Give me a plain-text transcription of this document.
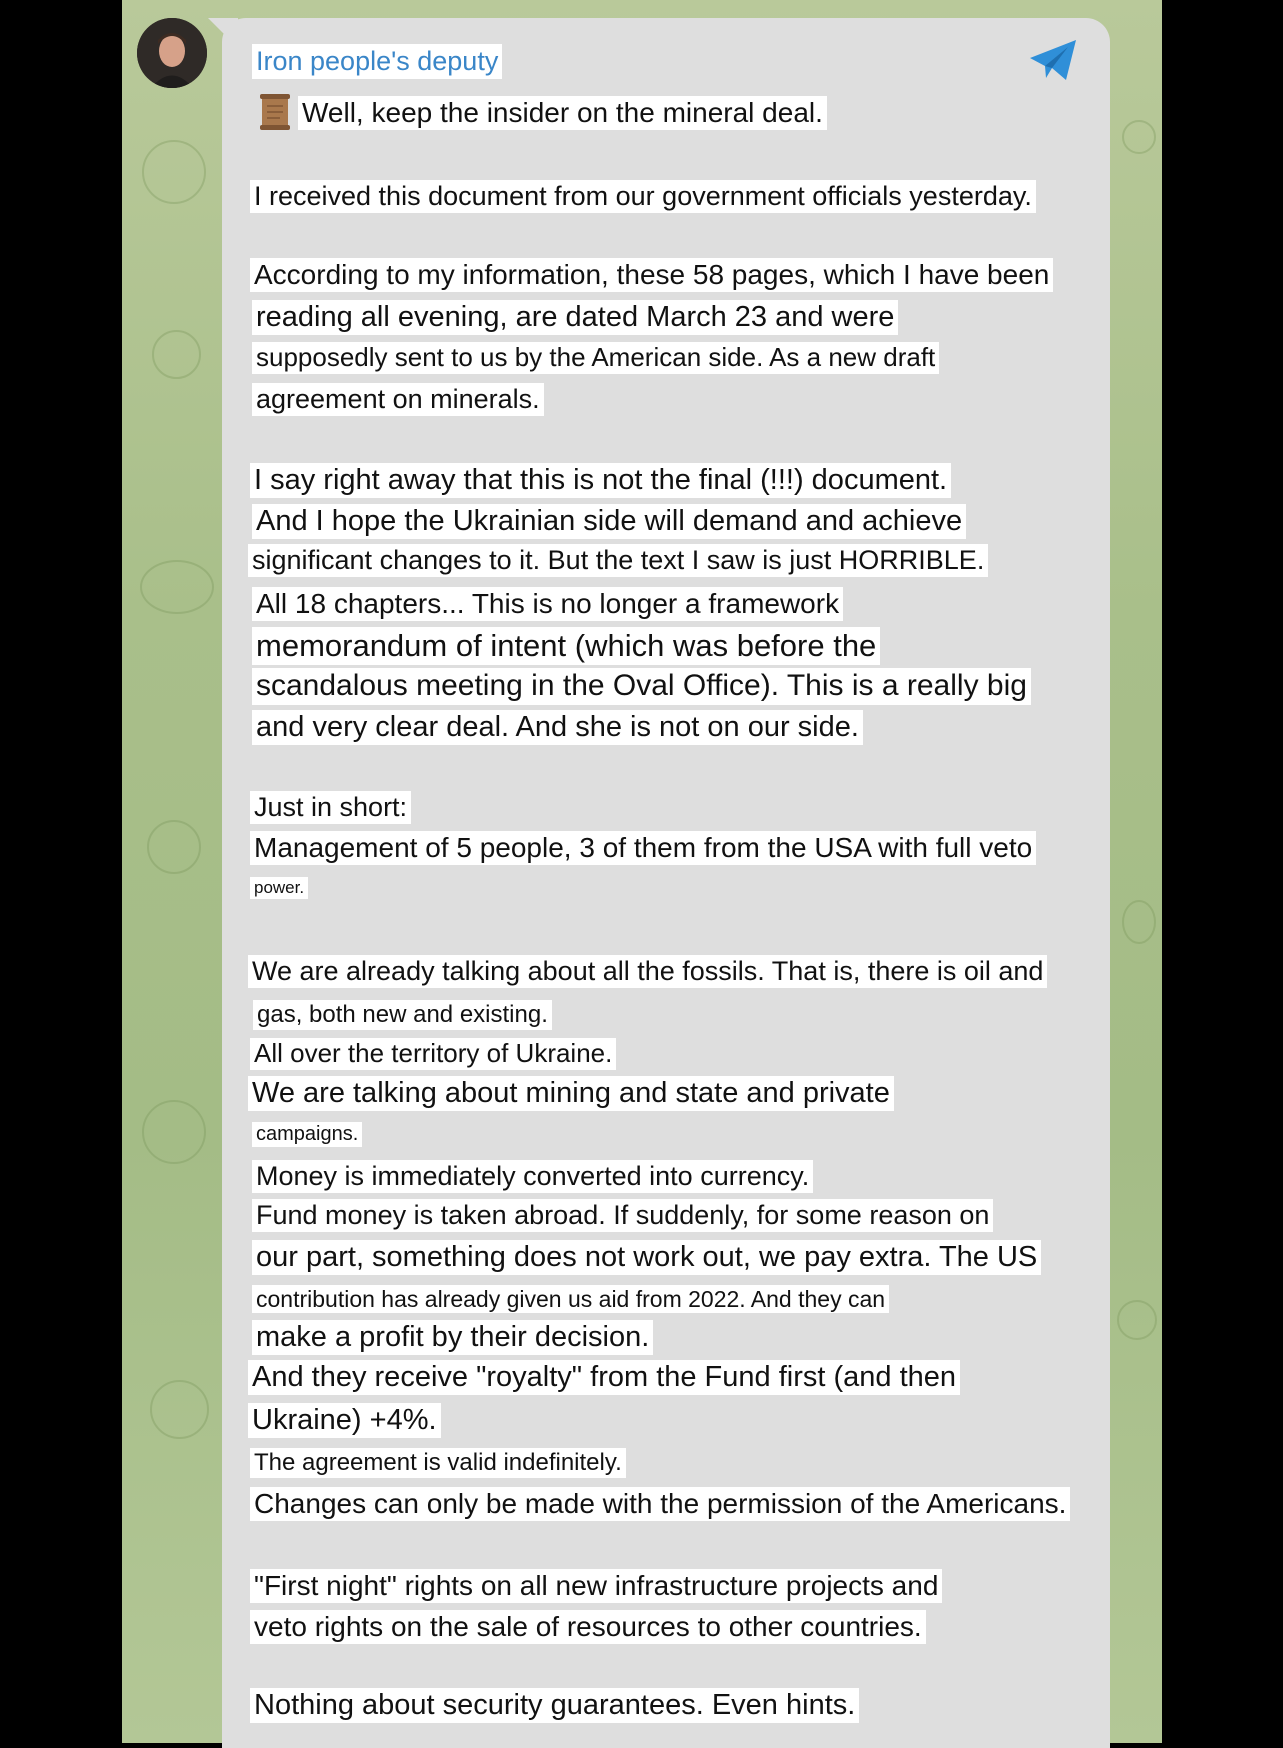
Iron people's deputy
Well, keep the insider on the mineral deal.
I received this document from our government officials yesterday.
According to my information, these 58 pages, which I have been
reading all evening, are dated March 23 and were
supposedly sent to us by the American side. As a new draft
agreement on minerals.
I say right away that this is not the final (!!!) document.
And I hope the Ukrainian side will demand and achieve
significant changes to it. But the text I saw is just HORRIBLE.
All 18 chapters... This is no longer a framework
memorandum of intent (which was before the
scandalous meeting in the Oval Office). This is a really big
and very clear deal. And she is not on our side.
Just in short:
Management of 5 people, 3 of them from the USA with full veto
power.
We are already talking about all the fossils. That is, there is oil and
gas, both new and existing.
All over the territory of Ukraine.
We are talking about mining and state and private
campaigns.
Money is immediately converted into currency.
Fund money is taken abroad. If suddenly, for some reason on
our part, something does not work out, we pay extra. The US
contribution has already given us aid from 2022. And they can
make a profit by their decision.
And they receive "royalty" from the Fund first (and then
Ukraine) +4%.
The agreement is valid indefinitely.
Changes can only be made with the permission of the Americans.
"First night" rights on all new infrastructure projects and
veto rights on the sale of resources to other countries.
Nothing about security guarantees. Even hints.
